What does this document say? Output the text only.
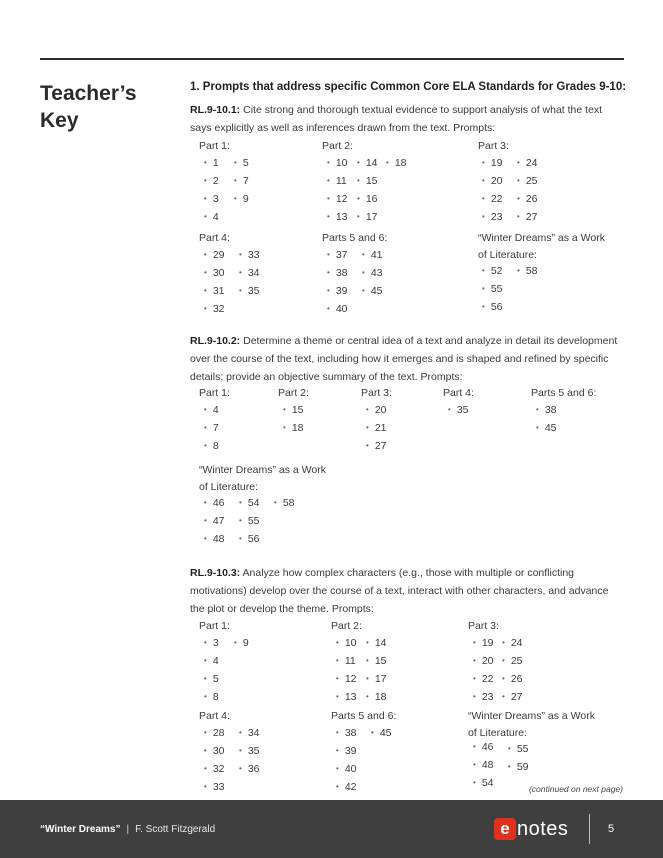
Teacher’s
Key
1. Prompts that address specific Common Core ELA Standards for Grades 9-10:
RL.9-10.1: Cite strong and thorough textual evidence to support analysis of what the text says explicitly as well as inferences drawn from the text. Prompts:
Part 1:
• 1
• 2
• 3
• 4
• 5
• 7
• 9
Part 2:
• 10
• 11
• 12
• 13
• 14
• 15
• 16
• 17
• 18
Part 3:
• 19
• 20
• 22
• 23
• 24
• 25
• 26
• 27
Part 4:
• 29
• 30
• 31
• 32
• 33
• 34
• 35
Parts 5 and 6:
• 37
• 38
• 39
• 40
• 41
• 43
• 45
“Winter Dreams” as a Work
of Literature:
• 52
• 55
• 56
• 58
RL.9-10.2: Determine a theme or central idea of a text and analyze in detail its development over the course of the text, including how it emerges and is shaped and refined by specific details; provide an objective summary of the text. Prompts:
Part 1:
• 4
• 7
• 8
Part 2:
• 15
• 18
Part 3:
• 20
• 21
• 27
Part 4:
• 35
Parts 5 and 6:
• 38
• 45
“Winter Dreams” as a Work
of Literature:
• 46
• 47
• 48
• 54
• 55
• 56
• 58
RL.9-10.3: Analyze how complex characters (e.g., those with multiple or conflicting motivations) develop over the course of a text, interact with other characters, and advance the plot or develop the theme. Prompts:
Part 1:
• 3
• 4
• 5
• 8
• 9
Part 2:
• 10
• 11
• 12
• 13
• 14
• 15
• 17
• 18
Part 3:
• 19
• 20
• 22
• 23
• 24
• 25
• 26
• 27
Part 4:
• 28
• 30
• 32
• 33
• 34
• 35
• 36
Parts 5 and 6:
• 38
• 39
• 40
• 42
• 45
“Winter Dreams” as a Work
of Literature:
• 46
• 48
• 54
• 55
• 59
(continued on next page)
“Winter Dreams” | F. Scott Fitzgerald	e notes	5
